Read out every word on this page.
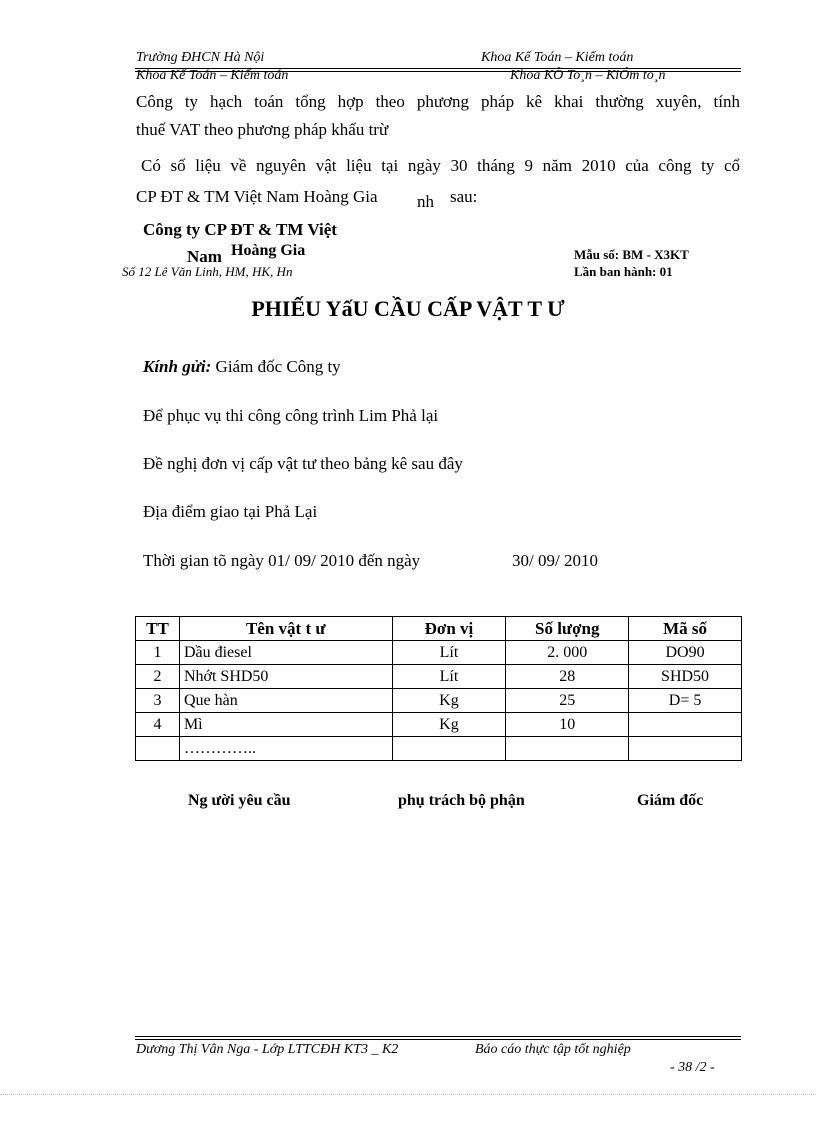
Trường ĐHCN Hà Nội	Khoa Kế Toán – Kiểm toán
Khoa Kế Toán – Kiểm toán	Khoa KÕ To¸n – KiÓm to¸n
Công ty hạch toán tổng hợp theo phương pháp kê khai thường xuyên, tính
thuế VAT theo phương pháp khấu trừ
Có số liệu về nguyên vật liệu tại ngày 30 tháng 9 năm 2010 của công ty cổ
CP ĐT & TM Việt Nam Hoàng Gia nh sau:
Công ty CP ĐT & TM Việt
Nam Hoàng Gia
Số 12 Lê Văn Linh, HM, HK, Hn
Mẫu số: BM - X3KT
Lần ban hành: 01
PHIẾU YấU CẦU CẤP VẬT T Ư
Kính gửi: Giám đốc Công ty
Để phục vụ thi công công trình Lim Phả lại
Đề nghị đơn vị cấp vật tư theo bảng kê sau đây
Địa điểm giao tại Phả Lại
Thời gian tõ ngày 01/ 09/ 2010 đến ngày	30/ 09/ 2010
TT	Tên vật t ư	Đơn vị	Số lượng	Mã số
1	Dầu điesel	Lít	2. 000	DO90
2	Nhớt SHD50	Lít	28	SHD50
3	Que hàn	Kg	25	D= 5
4	Mì	Kg	10	
	…………..			
Ng ười yêu cầu	phụ trách bộ phận	Giám đốc
Dương Thị Vân Nga - Lớp LTTCĐH KT3 _ K2	Báo cáo thực tập tốt nghiệp
- 38 /2 -
